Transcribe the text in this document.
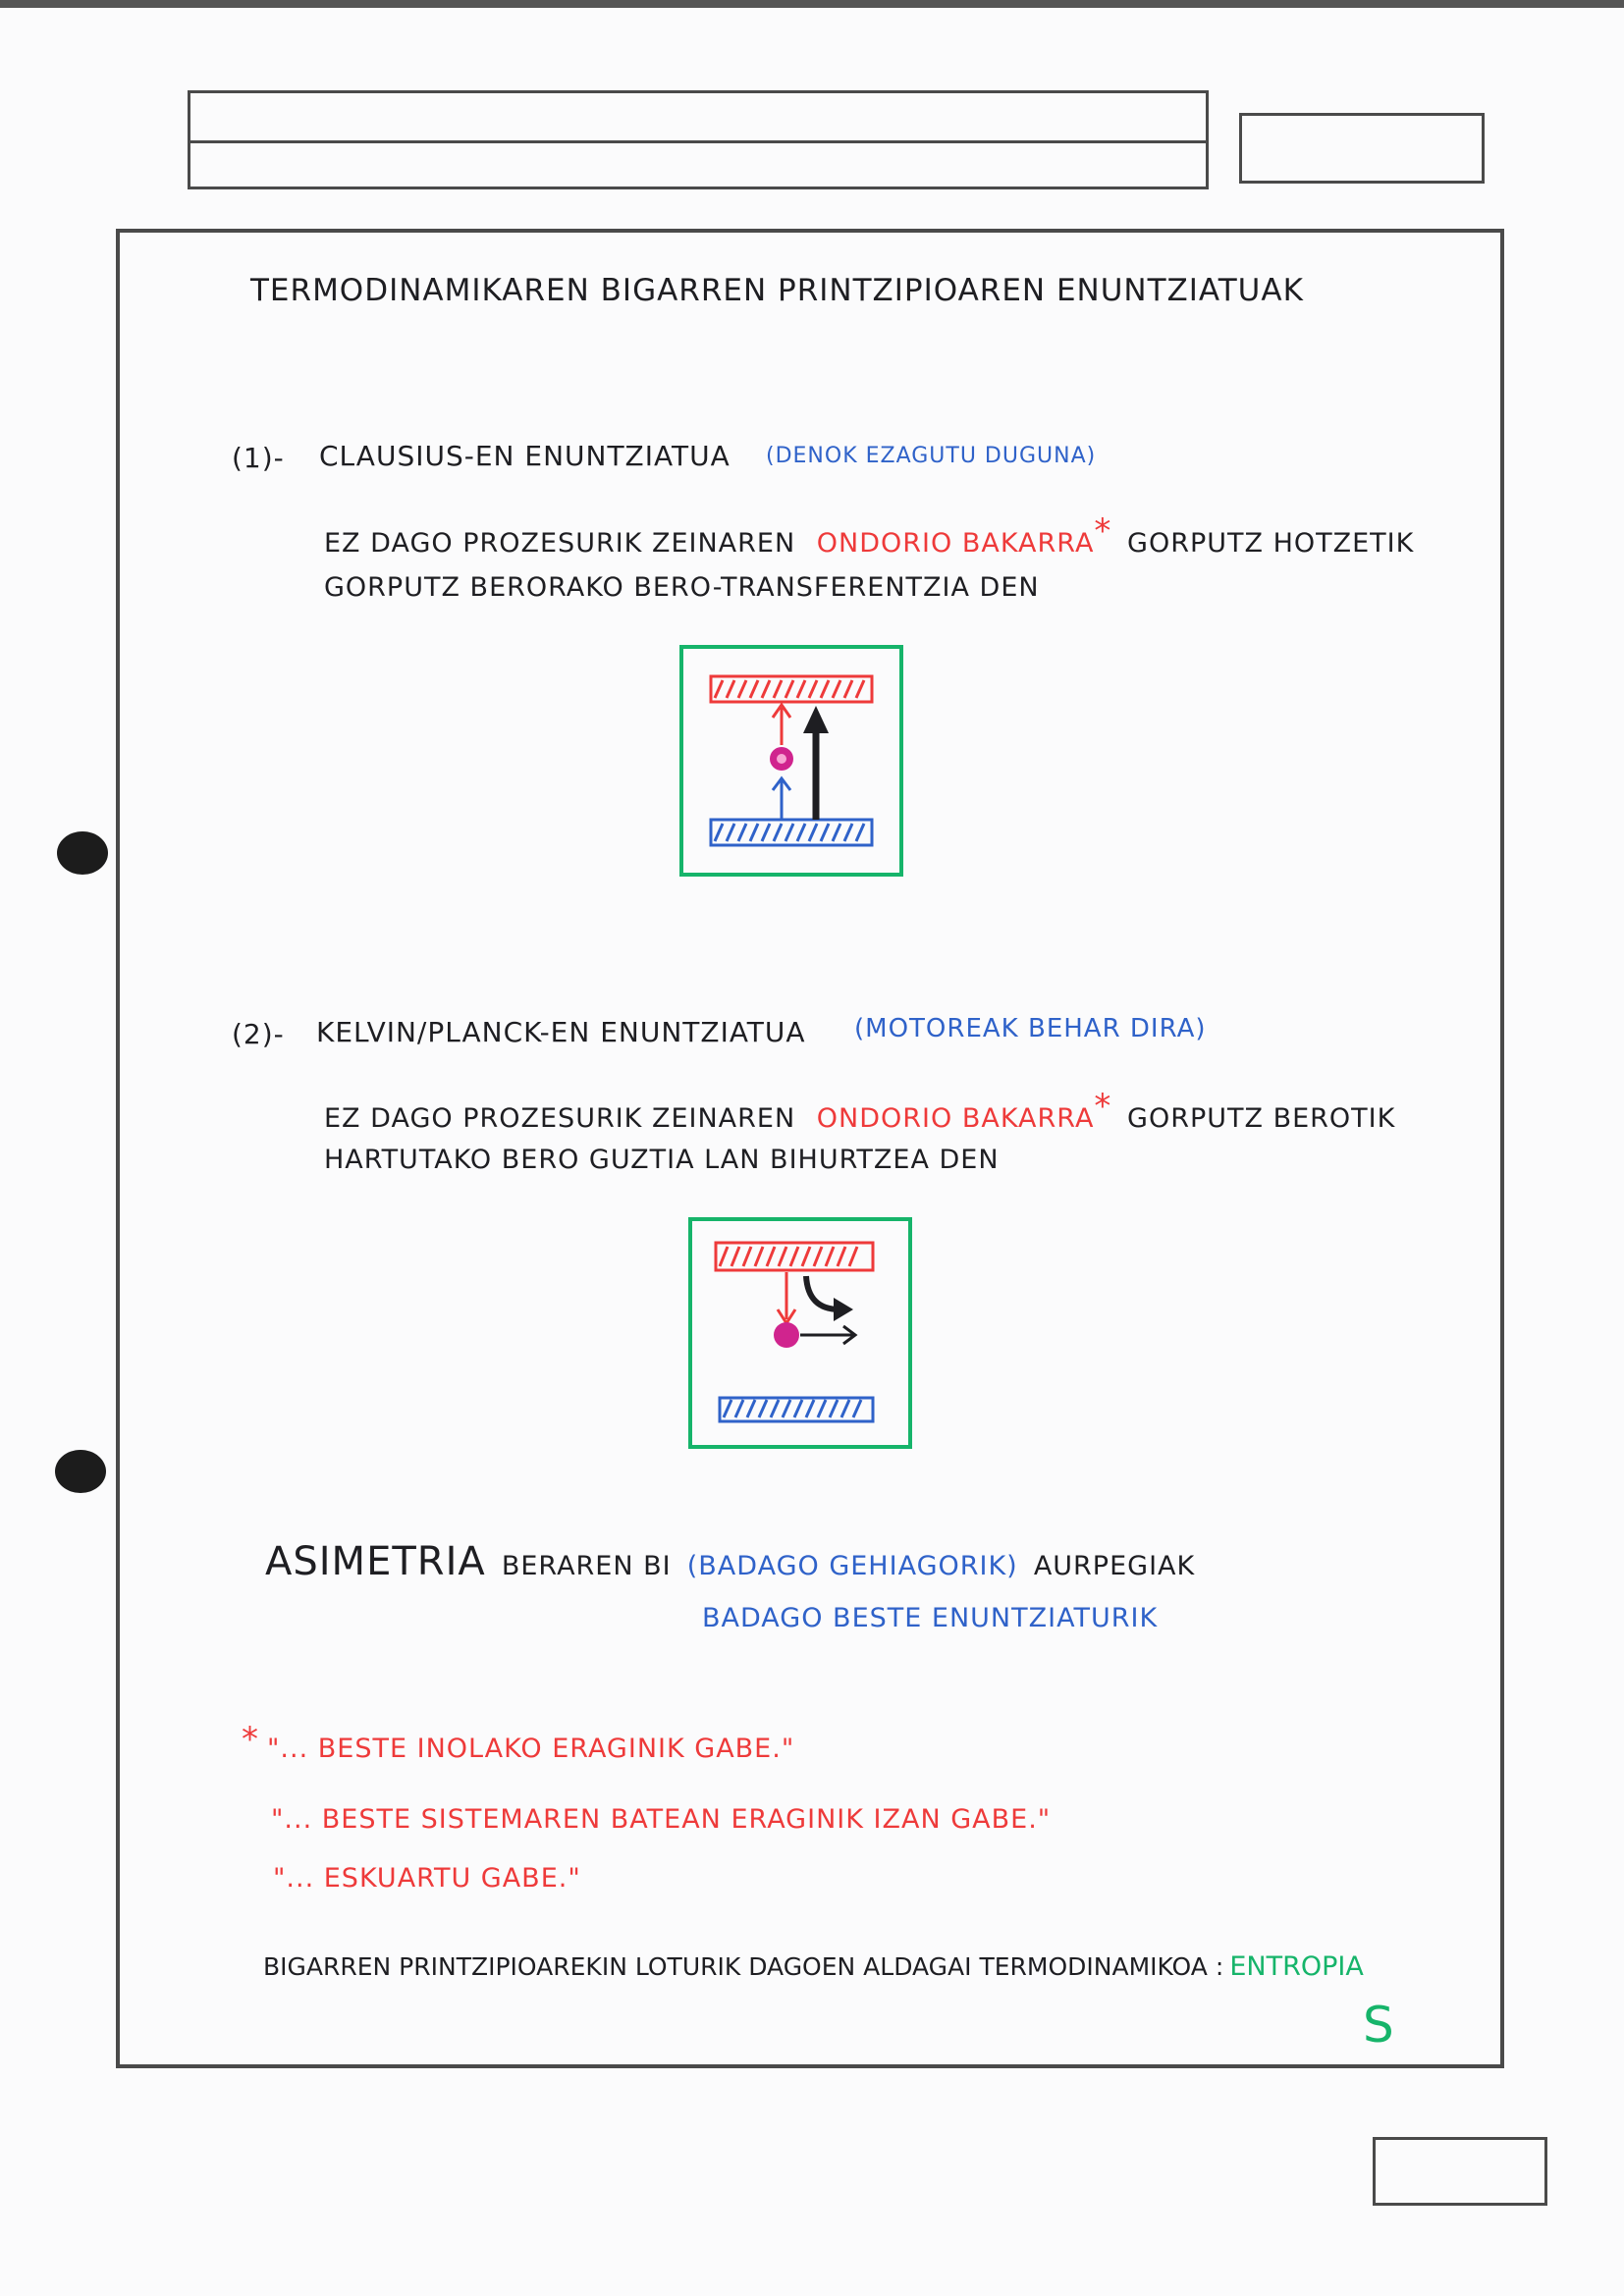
TERMODINAMIKAREN BIGARREN PRINTZIPIOAREN ENUNTZIATUAK
(1)- CLAUSIUS-EN ENUNTZIATUA (DENOK EZAGUTU DUGUNA)
EZ DAGO PROZESURIK ZEINAREN ONDORIO BAKARRA* GORPUTZ HOTZETIK
GORPUTZ BERORAKO BERO-TRANSFERENTZIA DEN
(2)- KELVIN/PLANCK-EN ENUNTZIATUA (MOTOREAK BEHAR DIRA)
EZ DAGO PROZESURIK ZEINAREN ONDORIO BAKARRA* GORPUTZ BEROTIK
HARTUTAKO BERO GUZTIA LAN BIHURTZEA DEN
ASIMETRIA BERAREN BI (BADAGO GEHIAGORIK) AURPEGIAK
BADAGO BESTE ENUNTZIATURIK
* "... BESTE INOLAKO ERAGINIK GABE."
"... BESTE SISTEMAREN BATEAN ERAGINIK IZAN GABE."
"... ESKUARTU GABE."
BIGARREN PRINTZIPIOAREKIN LOTURIK DAGOEN ALDAGAI TERMODINAMIKOA : ENTROPIA
S
